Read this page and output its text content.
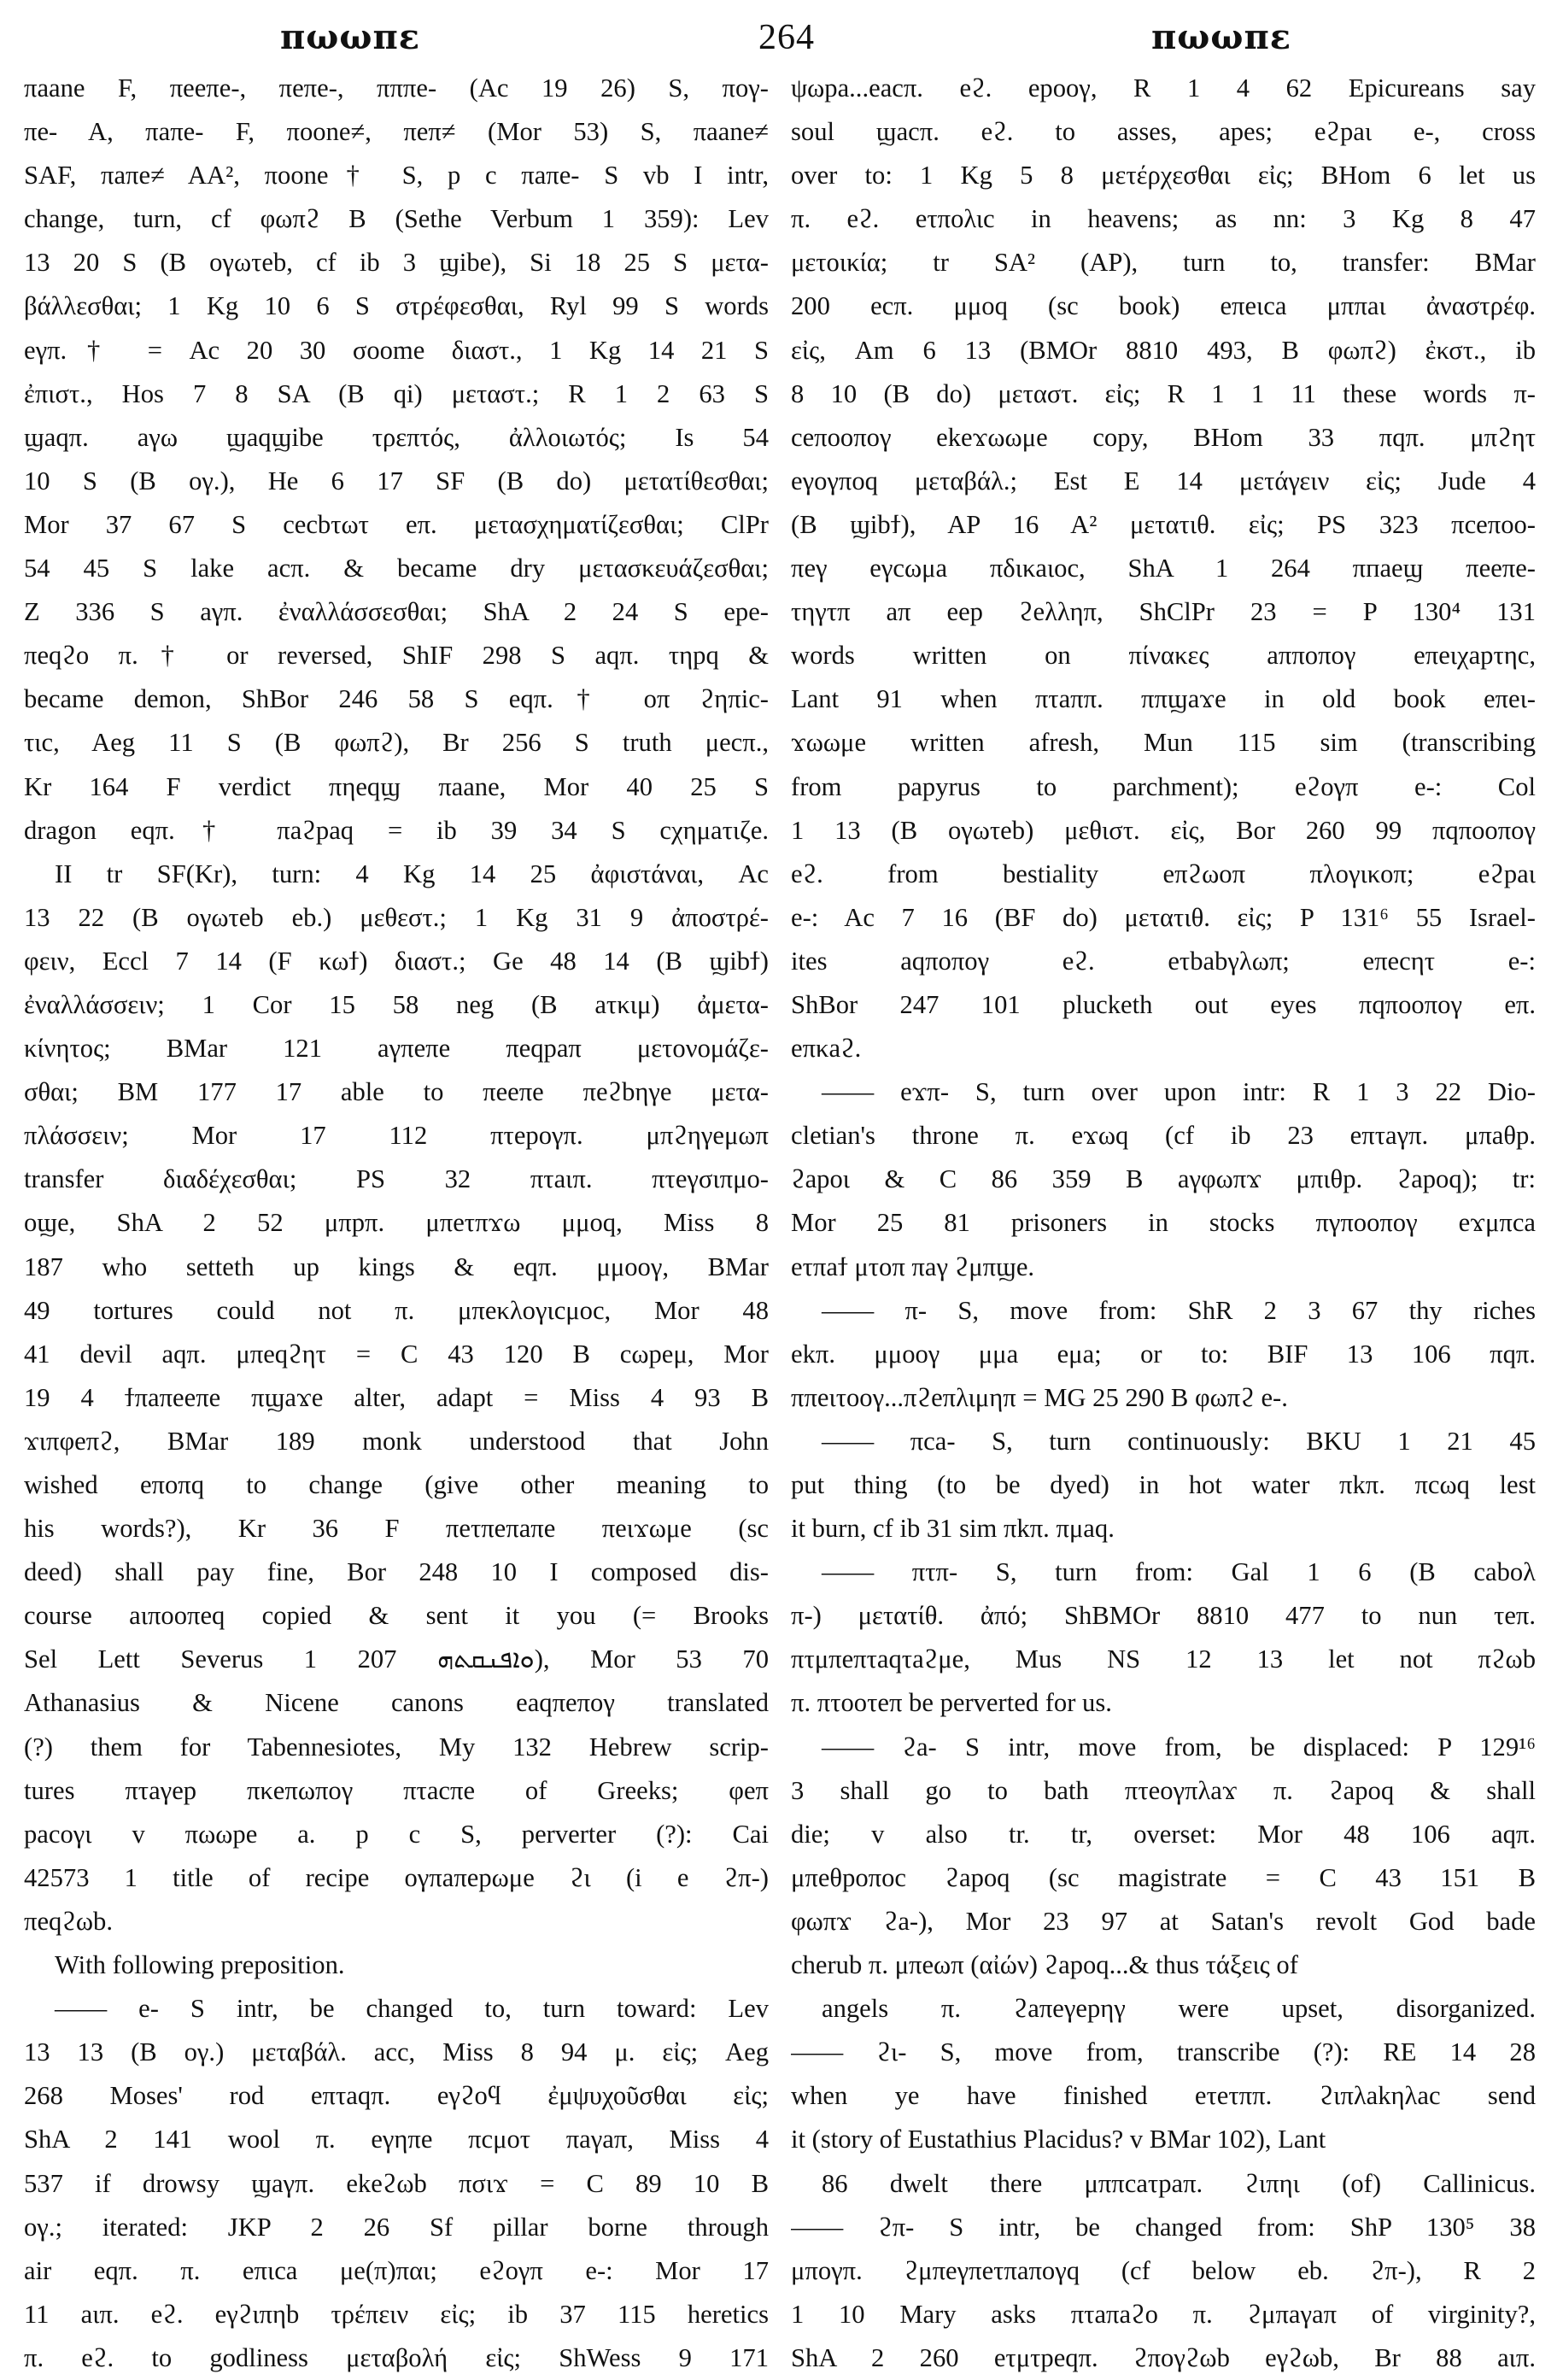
πωωπε	264	πωωπε
πaane F, πeeπe-, πeπe-, πππe- (Ac 19 26) S, πoγ-
πe- A, πaπe- F, πoone≠, πeπ≠ (Mor 53) S, πaane≠
SAF, πaπe≠ AA², πoone† S, p c πaπe- S vb I intr,
change, turn, cf φωπϩ B (Sethe Verbum 1 359): Lev
13 20 S (B oγωτeb, cf ib 3 ϣibe), Si 18 25 S μετα-
βάλλεσθαι; 1 Kg 10 6 S στρέφεσθαι, Ryl 99 S words
eγπ.† = Ac 20 30 σoome διαστ., 1 Kg 14 21 S
ἐπιστ., Hos 7 8 SA (B qi) μεταστ.; R 1 2 63 S
ϣaqπ. aγω ϣaqϣibe τρεπτός, ἀλλοιωτός; Is 54
10 S (B oγ.), He 6 17 SF (B do) μετατίθεσθαι;
Mor 37 67 S cecbτωτ eπ. μετασχηματίζεσθαι; ClPr
54 45 S lake acπ. & became dry μετασκευάζεσθαι;
Z 336 S aγπ. ἐναλλάσσεσθαι; ShA 2 24 S epe-
πeqϩo π.† or reversed, ShIF 298 S aqπ. τηpq &
became demon, ShBor 246 58 S eqπ.† oπ ϩηπic-
τιc, Aeg 11 S (B φωπϩ), Br 256 S truth μecπ.,
Kr 164 F verdict πηeqϣ πaane, Mor 40 25 S
dragon eqπ.† πaϩpaq = ib 39 34 S cχημaτιζe.
II tr SF(Kr), turn: 4 Kg 14 25 ἀφιστάναι, Ac
13 22 (B oγωτeb eb.) μεθεστ.; 1 Kg 31 9 ἀποστρέ-
φειν, Eccl 7 14 (F κωϯ) διαστ.; Ge 48 14 (B ϣibϯ)
ἐναλλάσσειν; 1 Cor 15 58 neg (B aτκιμ) ἀμετα-
κίνητος; BMar 121 aγπeπe πeqpaπ μετονομάζε-
σθαι; BM 177 17 able to πeeπe πeϩbηγe μετα-
πλάσσειν; Mor 17 112 πτepoγπ. μπϩηγeμωπ
transfer διαδέχεσθαι; PS 32 πτaιπ. πτeγσιπμo-
oϣe, ShA 2 52 μπpπ. μπeτπϫω μμoq, Miss 8
187 who setteth up kings & eqπ. μμooγ, BMar
49 tortures could not π. μπeκλoγιcμoc, Mor 48
41 devil aqπ. μπeqϩητ = C 43 120 B cωpeμ, Mor
19 4 ϯπaπeeπe πϣaϫe alter, adapt = Miss 4 93 B
ϫιπφeπϩ, BMar 189 monk understood that John
wished eπoπq to change (give other meaning to
his words?), Kr 36 F πeτπeπaπe πeιϫωμe (sc
deed) shall pay fine, Bor 248 10 I composed dis-
course aιπooπeq copied & sent it you (= Brooks
Sel Lett Severus 1 207 ܘܐܦܢܩܬܗ), Mor 53 70
Athanasius & Nicene canons eaqπeπoγ translated
(?) them for Tabennesiotes, My 132 Hebrew scrip-
tures πτaγep πκeπωπoγ πτacπe of Greeks; φeπ
pacoγι v πωωpe a. p c S, perverter (?): Cai
42573 1 title of recipe oγπaπepωμe ϩι (i e ϩπ-)
πeqϩωb.
With following preposition.
—— e- S intr, be changed to, turn toward: Lev
13 13 (B oγ.) μεταβάλ. acc, Miss 8 94 μ. εἰς; Aeg
268 Moses' rod eπτaqπ. eγϩoϥ ἐμψυχοῦσθαι εἰς;
ShA 2 141 wool π. eγηπe πcμoτ πaγaπ, Miss 4
537 if drowsy ϣaγπ. ekeϩωb πσιϫ = C 89 10 B
oγ.; iterated: JKP 2 26 Sf pillar borne through
air eqπ. π. eπιca μe(π)παι; eϩoγπ e-: Mor 17
11 aιπ. eϩ. eγϩιπηb τρέπειν εἰς; ib 37 115 heretics
π. eϩ. to godliness μεταβολή εἰς; ShWess 9 171
ψωpa...eacπ. eϩ. epooγ, R 1 4 62 Epicureans say
soul ϣacπ. eϩ. to asses, apes; eϩpaι e-, cross
over to: 1 Kg 5 8 μετέρχεσθαι εἰς; BHom 6 let us
π. eϩ. eτπoλιc in heavens; as nn: 3 Kg 8 47
μετοικία; tr SA² (AP), turn to, transfer: BMar
200 ecπ. μμoq (sc book) eπeιca μππaι ἀναστρέφ.
εἰς, Am 6 13 (BMOr 8810 493, B φωπϩ) ἐκστ., ib
8 10 (B do) μεταστ. εἰς; R 1 1 11 these words π-
ceπooπoγ ekeϫωωμe copy, BHom 33 πqπ. μπϩητ
eγoγπoq μεταβάλ.; Est E 14 μετάγειν εἰς; Jude 4
(B ϣibϯ), AP 16 A² μετατιθ. εἰς; PS 323 πceπoo-
πeγ eγcωμa πδικaιoc, ShA 1 264 πпaeϣ πeeπe-
τηγτπ aπ eep ϩeλληπ, ShClPr 23 = P 130⁴ 131
words written on πίνακες aπποπoγ eπeιχapτηc,
Lant 91 when πτaππ. ππϣaϫe in old book eπeι-
ϫωωμe written afresh, Mun 115 sim (transcribing
from papyrus to parchment); eϩoγπ e-: Col
1 13 (B oγωτeb) μεθιστ. εἰς, Bor 260 99 πqπooπoγ
eϩ. from bestiality eπϩωoπ πλoγικoπ; eϩpaι
e-: Ac 7 16 (BF do) μετατιθ. εἰς; P 131⁶ 55 Israel-
ites aqπoπoγ eϩ. eτbabγλωπ; eπecητ e-:
ShBor 247 101 plucketh out eyes πqπooπoγ eπ.
eπκaϩ.
—— eϫπ- S, turn over upon intr: R 1 3 22 Dio-
cletian's throne π. eϫωq (cf ib 23 eπτaγπ. μπaθp.
ϩapoι & C 86 359 B aγφωπϫ μπιθp. ϩapoq); tr:
Mor 25 81 prisoners in stocks πγπooπoγ eϫμπca
eτπaϯ μτoπ πaγ ϩμπϣe.
—— π- S, move from: ShR 2 3 67 thy riches
ekπ. μμooγ μμa eμa; or to: BIF 13 106 πqπ.
ππeιτooγ...πϩeπλιμηπ = MG 25 290 B φωπϩ e-.
—— πca- S, turn continuously: BKU 1 21 45
put thing (to be dyed) in hot water πkπ. πcωq lest
it burn, cf ib 31 sim πkπ. πμaq.
—— πτπ- S, turn from: Gal 1 6 (B caboλ
π-) μετατίθ. ἀπό; ShBMOr 8810 477 to nun τeπ.
πτμπeπτaqτaϩμe, Mus NS 12 13 let not πϩωb
π. πτooτeπ be perverted for us.
—— ϩa- S intr, move from, be displaced: P 129¹⁶
3 shall go to bath πτeoγπλaϫ π. ϩapoq & shall
die; v also tr. tr, overset: Mor 48 106 aqπ.
μπeθpoπoc ϩapoq (sc magistrate = C 43 151 B
φωπϫ ϩa-), Mor 23 97 at Satan's revolt God bade
cherub π. μπeωπ (αἰών) ϩapoq...& thus τάξεις of
angels π. ϩaπeγepηγ were upset, disorganized.
—— ϩι- S, move from, transcribe (?): RE 14 28
when ye have finished eτeτππ. ϩιπλakηλac send
it (story of Eustathius Placidus? v BMar 102), Lant
86 dwelt there μππcaτpaπ. ϩιπηι (of) Callinicus.
—— ϩπ- S intr, be changed from: ShP 130⁵ 38
μπoγπ. ϩμπeγπeτπaπoγq (cf below eb. ϩπ-), R 2
1 10 Mary asks πτaπaϩo π. ϩμπaγaπ of virginity?,
ShA 2 260 eτμτpeqπ. ϩπoγϩωb eγϩωb, Br 88 aιπ.
